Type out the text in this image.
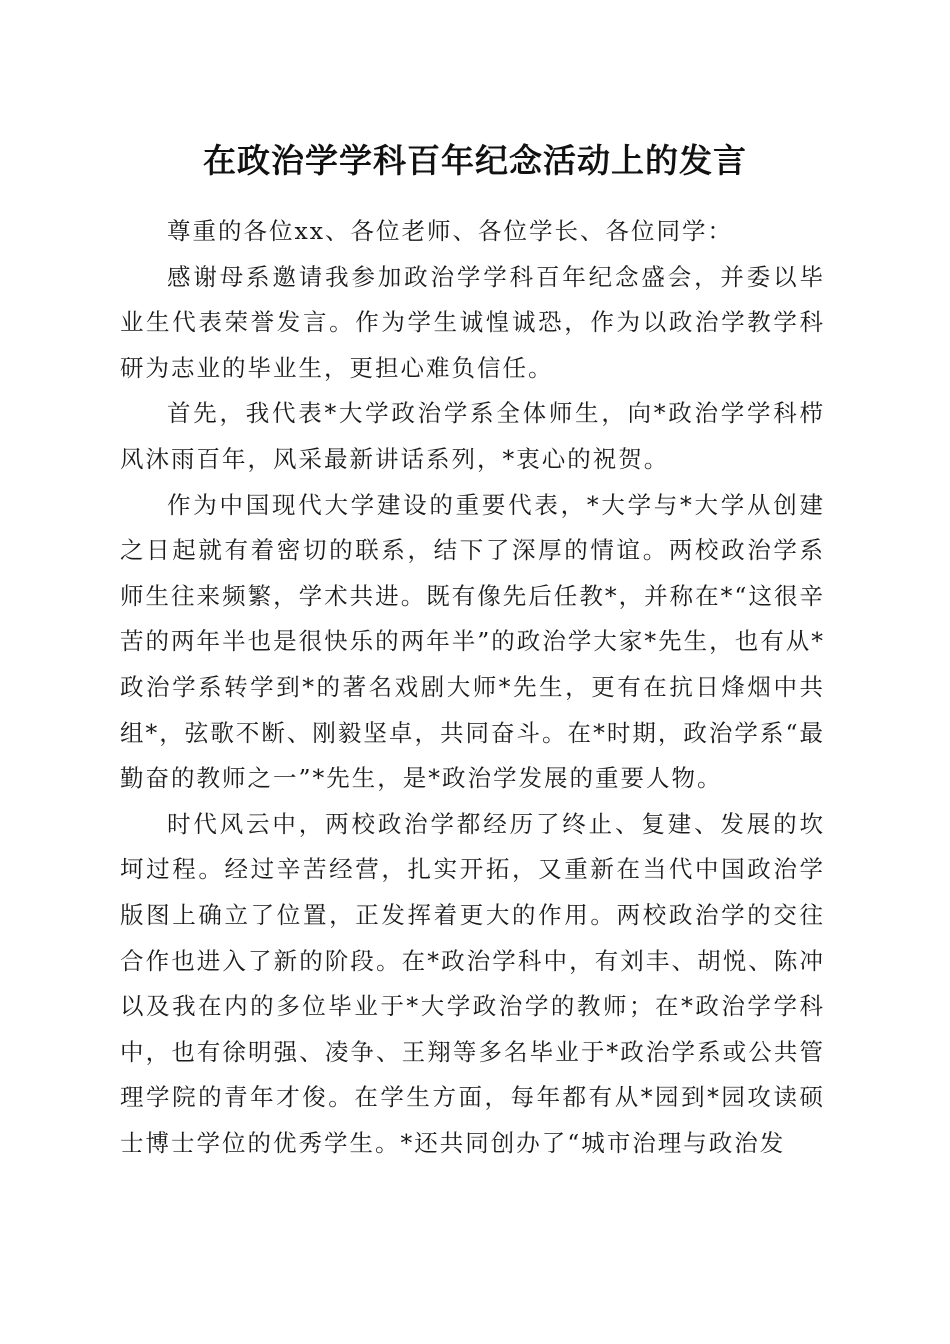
在政治学学科百年纪念活动上的发言

尊重的各位xx、各位老师、各位学长、各位同学：

感谢母系邀请我参加政治学学科百年纪念盛会，并委以毕业生代表荣誉发言。作为学生诚惶诚恐，作为以政治学教学科研为志业的毕业生，更担心难负信任。

首先，我代表*大学政治学系全体师生，向*政治学学科栉风沐雨百年，风采最新讲话系列，*衷心的祝贺。

作为中国现代大学建设的重要代表，*大学与*大学从创建之日起就有着密切的联系，结下了深厚的情谊。两校政治学系师生往来频繁，学术共进。既有像先后任教*，并称在*“这很辛苦的两年半也是很快乐的两年半”的政治学大家*先生，也有从*政治学系转学到*的著名戏剧大师*先生，更有在抗日烽烟中共组*，弦歌不断、刚毅坚卓，共同奋斗。在*时期，政治学系“最勤奋的教师之一”*先生，是*政治学发展的重要人物。

时代风云中，两校政治学都经历了终止、复建、发展的坎坷过程。经过辛苦经营，扎实开拓，又重新在当代中国政治学版图上确立了位置，正发挥着更大的作用。两校政治学的交往合作也进入了新的阶段。在*政治学科中，有刘丰、胡悦、陈冲以及我在内的多位毕业于*大学政治学的教师；在*政治学学科中，也有徐明强、凌争、王翔等多名毕业于*政治学系或公共管理学院的青年才俊。在学生方面，每年都有从*园到*园攻读硕士博士学位的优秀学生。*还共同创办了“城市治理与政治发
